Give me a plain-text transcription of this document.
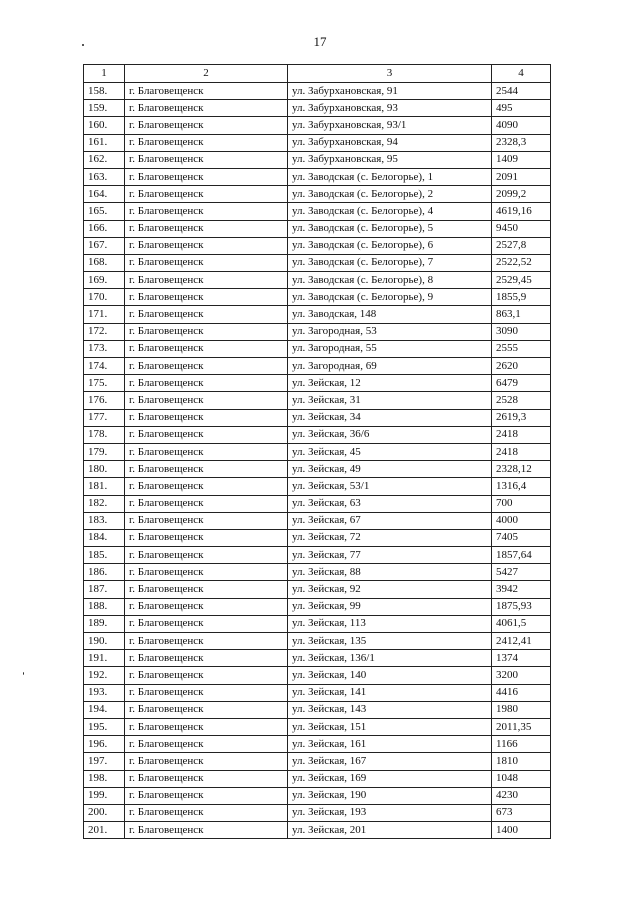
17
1	2	3	4
158.	г. Благовещенск	ул. Забурхановская, 91	2544
159.	г. Благовещенск	ул. Забурхановская, 93	495
160.	г. Благовещенск	ул. Забурхановская, 93/1	4090
161.	г. Благовещенск	ул. Забурхановская, 94	2328,3
162.	г. Благовещенск	ул. Забурхановская, 95	1409
163.	г. Благовещенск	ул. Заводская (с. Белогорье), 1	2091
164.	г. Благовещенск	ул. Заводская (с. Белогорье), 2	2099,2
165.	г. Благовещенск	ул. Заводская (с. Белогорье), 4	4619,16
166.	г. Благовещенск	ул. Заводская (с. Белогорье), 5	9450
167.	г. Благовещенск	ул. Заводская (с. Белогорье), 6	2527,8
168.	г. Благовещенск	ул. Заводская (с. Белогорье), 7	2522,52
169.	г. Благовещенск	ул. Заводская (с. Белогорье), 8	2529,45
170.	г. Благовещенск	ул. Заводская (с. Белогорье), 9	1855,9
171.	г. Благовещенск	ул. Заводская, 148	863,1
172.	г. Благовещенск	ул. Загородная, 53	3090
173.	г. Благовещенск	ул. Загородная, 55	2555
174.	г. Благовещенск	ул. Загородная, 69	2620
175.	г. Благовещенск	ул. Зейская, 12	6479
176.	г. Благовещенск	ул. Зейская, 31	2528
177.	г. Благовещенск	ул. Зейская, 34	2619,3
178.	г. Благовещенск	ул. Зейская, 36/6	2418
179.	г. Благовещенск	ул. Зейская, 45	2418
180.	г. Благовещенск	ул. Зейская, 49	2328,12
181.	г. Благовещенск	ул. Зейская, 53/1	1316,4
182.	г. Благовещенск	ул. Зейская, 63	700
183.	г. Благовещенск	ул. Зейская, 67	4000
184.	г. Благовещенск	ул. Зейская, 72	7405
185.	г. Благовещенск	ул. Зейская, 77	1857,64
186.	г. Благовещенск	ул. Зейская, 88	5427
187.	г. Благовещенск	ул. Зейская, 92	3942
188.	г. Благовещенск	ул. Зейская, 99	1875,93
189.	г. Благовещенск	ул. Зейская, 113	4061,5
190.	г. Благовещенск	ул. Зейская, 135	2412,41
191.	г. Благовещенск	ул. Зейская, 136/1	1374
192.	г. Благовещенск	ул. Зейская, 140	3200
193.	г. Благовещенск	ул. Зейская, 141	4416
194.	г. Благовещенск	ул. Зейская, 143	1980
195.	г. Благовещенск	ул. Зейская, 151	2011,35
196.	г. Благовещенск	ул. Зейская, 161	1166
197.	г. Благовещенск	ул. Зейская, 167	1810
198.	г. Благовещенск	ул. Зейская, 169	1048
199.	г. Благовещенск	ул. Зейская, 190	4230
200.	г. Благовещенск	ул. Зейская, 193	673
201.	г. Благовещенск	ул. Зейская, 201	1400
